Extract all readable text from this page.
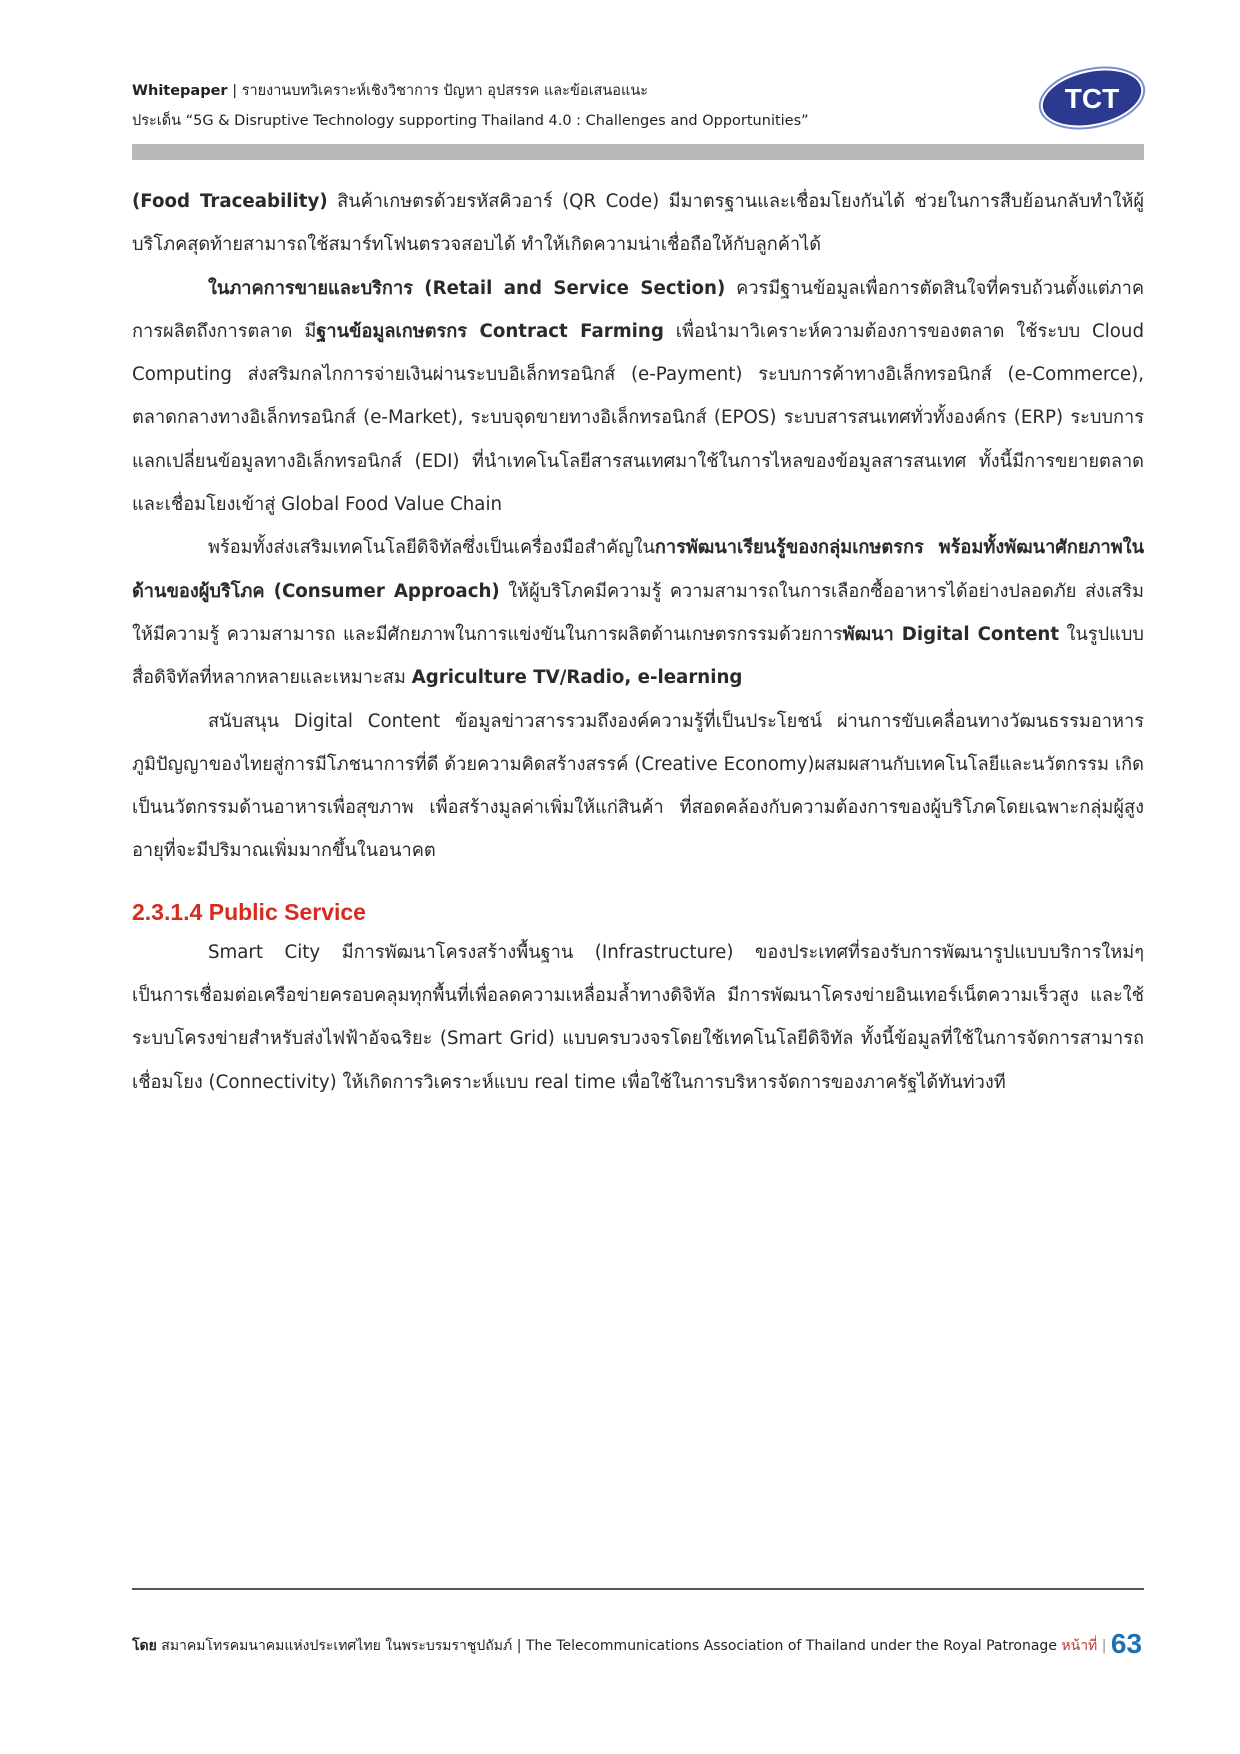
Whitepaper | รายงานบทวิเคราะห์เชิงวิชาการ ปัญหา อุปสรรค และข้อเสนอแนะ
ประเด็น “5G & Disruptive Technology supporting Thailand 4.0 : Challenges and Opportunities”
TCT

(Food Traceability) สินค้าเกษตรด้วยรหัสคิวอาร์ (QR Code) มีมาตรฐานและเชื่อมโยงกันได้ ช่วยในการสืบย้อนกลับทำให้ผู้บริโภคสุดท้ายสามารถใช้สมาร์ทโฟนตรวจสอบได้ ทำให้เกิดความน่าเชื่อถือให้กับลูกค้าได้

ในภาคการขายและบริการ (Retail and Service Section) ควรมีฐานข้อมูลเพื่อการตัดสินใจที่ครบถ้วนตั้งแต่ภาคการผลิตถึงการตลาด มีฐานข้อมูลเกษตรกร Contract Farming เพื่อนำมาวิเคราะห์ความต้องการของตลาด ใช้ระบบ Cloud Computing ส่งสริมกลไกการจ่ายเงินผ่านระบบอิเล็กทรอนิกส์ (e-Payment) ระบบการค้าทางอิเล็กทรอนิกส์ (e-Commerce), ตลาดกลางทางอิเล็กทรอนิกส์ (e-Market), ระบบจุดขายทางอิเล็กทรอนิกส์ (EPOS) ระบบสารสนเทศทั่วทั้งองค์กร (ERP) ระบบการแลกเปลี่ยนข้อมูลทางอิเล็กทรอนิกส์ (EDI) ที่นำเทคโนโลยีสารสนเทศมาใช้ในการไหลของข้อมูลสารสนเทศ ทั้งนี้มีการขยายตลาดและเชื่อมโยงเข้าสู่ Global Food Value Chain

พร้อมทั้งส่งเสริมเทคโนโลยีดิจิทัลซึ่งเป็นเครื่องมือสำคัญในการพัฒนาเรียนรู้ของกลุ่มเกษตรกร พร้อมทั้งพัฒนาศักยภาพในด้านของผู้บริโภค (Consumer Approach) ให้ผู้บริโภคมีความรู้ ความสามารถในการเลือกซื้ออาหารได้อย่างปลอดภัย ส่งเสริมให้มีความรู้ ความสามารถ และมีศักยภาพในการแข่งขันในการผลิตด้านเกษตรกรรมด้วยการพัฒนา Digital Content ในรูปแบบสื่อดิจิทัลที่หลากหลายและเหมาะสม Agriculture TV/Radio, e-learning

สนับสนุน Digital Content ข้อมูลข่าวสารรวมถึงองค์ความรู้ที่เป็นประโยชน์ ผ่านการขับเคลื่อนทางวัฒนธรรมอาหาร ภูมิปัญญาของไทยสู่การมีโภชนาการที่ดี ด้วยความคิดสร้างสรรค์ (Creative Economy)ผสมผสานกับเทคโนโลยีและนวัตกรรม เกิดเป็นนวัตกรรมด้านอาหารเพื่อสุขภาพ เพื่อสร้างมูลค่าเพิ่มให้แก่สินค้า ที่สอดคล้องกับความต้องการของผู้บริโภคโดยเฉพาะกลุ่มผู้สูงอายุที่จะมีปริมาณเพิ่มมากขึ้นในอนาคต

2.3.1.4 Public Service

Smart City มีการพัฒนาโครงสร้างพื้นฐาน (Infrastructure) ของประเทศที่รองรับการพัฒนารูปแบบบริการใหม่ๆ เป็นการเชื่อมต่อเครือข่ายครอบคลุมทุกพื้นที่เพื่อลดความเหลื่อมล้ำทางดิจิทัล มีการพัฒนาโครงข่ายอินเทอร์เน็ตความเร็วสูง และใช้ระบบโครงข่ายสำหรับส่งไฟฟ้าอัจฉริยะ (Smart Grid) แบบครบวงจรโดยใช้เทคโนโลยีดิจิทัล ทั้งนี้ข้อมูลที่ใช้ในการจัดการสามารถเชื่อมโยง (Connectivity) ให้เกิดการวิเคราะห์แบบ real time เพื่อใช้ในการบริหารจัดการของภาครัฐได้ทันท่วงที

โดย สมาคมโทรคมนาคมแห่งประเทศไทย ในพระบรมราชูปถัมภ์ | The Telecommunications Association of Thailand under the Royal Patronage หน้าที่ | 63
